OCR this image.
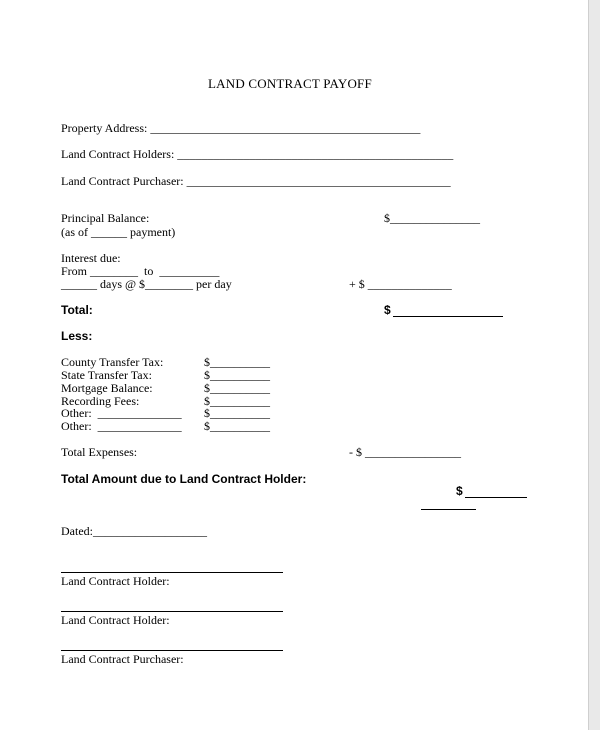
LAND CONTRACT PAYOFF
Property Address: _____________________________________________
Land Contract Holders: ______________________________________________
Land Contract Purchaser: ____________________________________________
Principal Balance:
(as of ______ payment)
$_______________
Interest due:
From ________  to  __________
______ days @ $________ per day	+ $ ______________
Total:	$
Less:
County Transfer Tax:	$__________
State Transfer Tax:	$__________
Mortgage Balance:	$__________
Recording Fees:	$__________
Other:  ______________ $__________
Other:  ______________ $__________
Total Expenses:	- $ ________________
Total Amount due to Land Contract Holder:
$
Dated:___________________
Land Contract Holder:
Land Contract Holder:
Land Contract Purchaser:
